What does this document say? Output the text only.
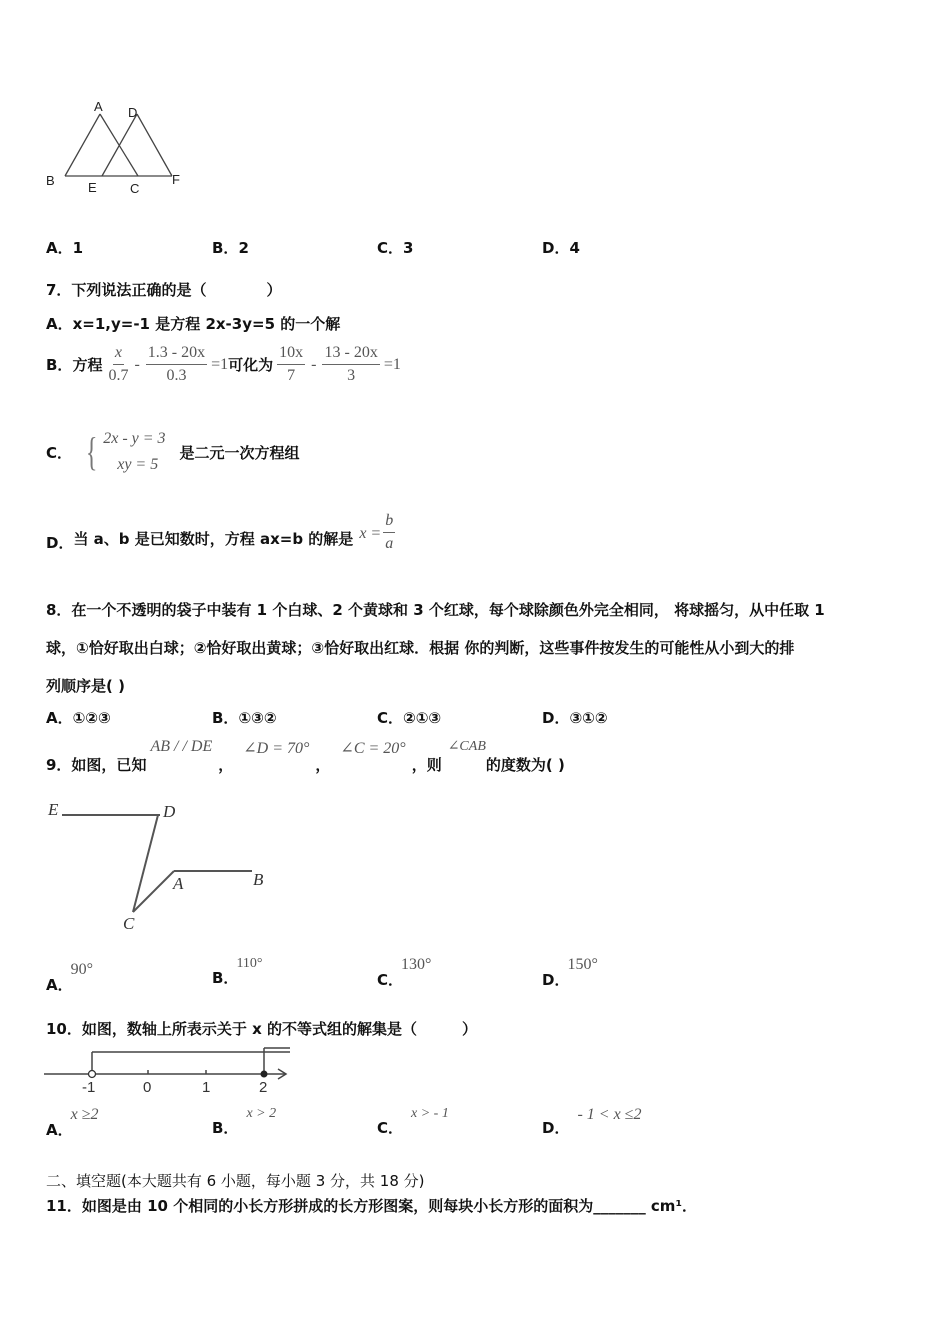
A D
B	E	C
F
A．1	B．2	C．3	D．4
7．下列说法正确的是（　　　　）
A．x=1,y=-1 是方程 2x-3y=5 的一个解
B． 方程 $\frac{x}{0.7} - \frac{1.3 - 20x}{0.3} =1$ 可化为 $\frac{10x}{7} - \frac{13 - 20x}{3} =1$
C． { 2x - y = 3
xy = 5
是二元一次方程组
D． 当 a、b 是已知数时，方程 ax=b 的解是 $x = \frac{b}{a}$
8．在一个不透明的袋子中装有 1 个白球、2 个黄球和 3 个红球，每个球除颜色外完全相同， 将球摇匀，从中任取 1
球，①恰好取出白球；②恰好取出黄球；③恰好取出红球．根据 你的判断，这些事件按发生的可能性从小到大的排
列顺序是( )
A．①②③	B．①③②	C．②①③	D．③①②
9．如图，已知
AB / / DE
，
∠D = 70°
，
∠C = 20°
，则
∠CAB
的度数为( )
E	D
A	B
C
A．
90°	B．
110°
C．
130°
D．
150°
10．如图，数轴上所表示关于 x 的不等式组的解集是（　　　）
-1	0	1	2
A．
x ≥2
B．
x > 2
C．
x > - 1
D．
- 1 < x ≤2
二、填空题(本大题共有 6 小题，每小题 3 分，共 18 分)
11．如图是由 10 个相同的小长方形拼成的长方形图案，则每块小长方形的面积为_______ cm¹．
